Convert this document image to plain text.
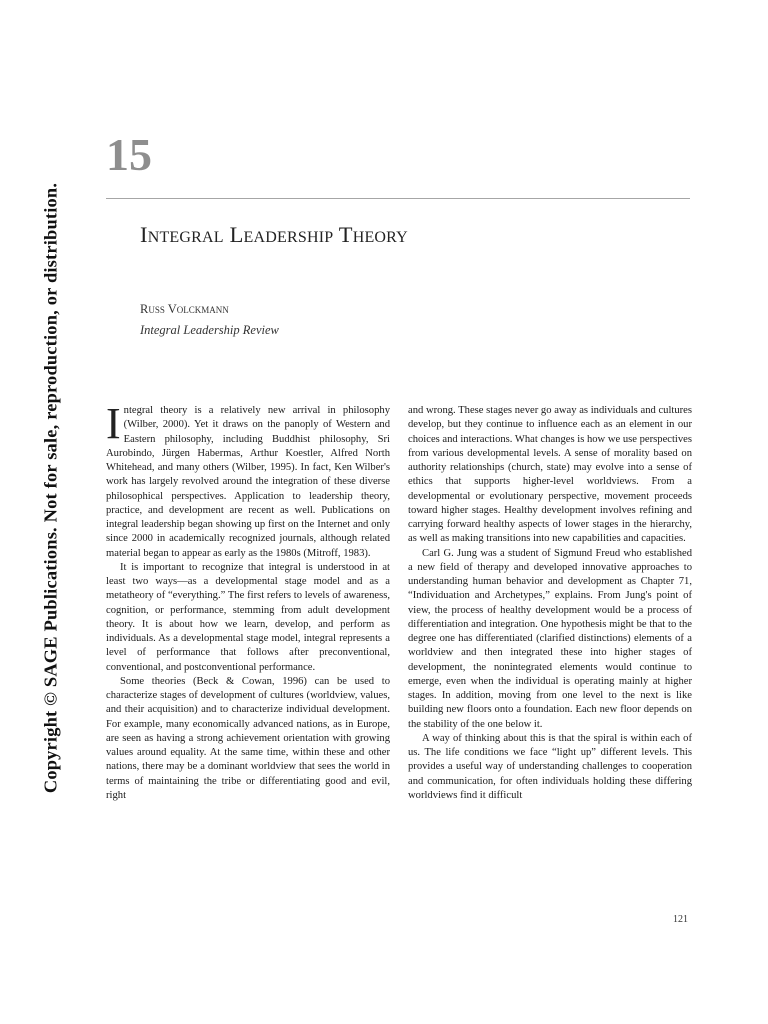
Copyright © SAGE Publications. Not for sale, reproduction, or distribution.
15
Integral Leadership Theory
Russ Volckmann
Integral Leadership Review

Integral theory is a relatively new arrival in philosophy (Wilber, 2000). Yet it draws on the panoply of Western and Eastern philosophy, including Buddhist philosophy, Sri Aurobindo, Jürgen Habermas, Arthur Koestler, Alfred North Whitehead, and many others (Wilber, 1995). In fact, Ken Wilber's work has largely revolved around the integration of these diverse philosophical perspectives. Application to leadership theory, practice, and development are recent as well. Publications on integral leadership began showing up first on the Internet and only since 2000 in academically recognized journals, although related material began to appear as early as the 1980s (Mitroff, 1983).

It is important to recognize that integral is understood in at least two ways—as a developmental stage model and as a metatheory of “everything.” The first refers to levels of awareness, cognition, or performance, stemming from adult development theory. It is about how we learn, develop, and perform as individuals. As a developmental stage model, integral represents a level of performance that follows after preconventional, conventional, and postconventional performance.

Some theories (Beck & Cowan, 1996) can be used to characterize stages of development of cultures (worldview, values, and their acquisition) and to characterize individual development. For example, many economically advanced nations, as in Europe, are seen as having a strong achievement orientation with growing values around equality. At the same time, within these and other nations, there may be a dominant worldview that sees the world in terms of maintaining the tribe or differentiating good and evil, right

and wrong. These stages never go away as individuals and cultures develop, but they continue to influence each as an element in our choices and interactions. What changes is how we use perspectives from various developmental levels. A sense of morality based on authority relationships (church, state) may evolve into a sense of ethics that supports higher-level worldviews. From a developmental or evolutionary perspective, movement proceeds toward higher stages. Healthy development involves refining and carrying forward healthy aspects of lower stages in the hierarchy, as well as making transitions into new capabilities and capacities.

Carl G. Jung was a student of Sigmund Freud who established a new field of therapy and developed innovative approaches to understanding human behavior and development as Chapter 71, “Individuation and Archetypes,” explains. From Jung's point of view, the process of healthy development would be a process of differentiation and integration. One hypothesis might be that to the degree one has differentiated (clarified distinctions) elements of a worldview and then integrated these into higher stages of development, the nonintegrated elements would continue to emerge, even when the individual is operating mainly at higher stages. In addition, moving from one level to the next is like building new floors onto a foundation. Each new floor depends on the stability of the one below it.

A way of thinking about this is that the spiral is within each of us. The life conditions we face “light up” different levels. This provides a useful way of understanding challenges to cooperation and communication, for often individuals holding these differing worldviews find it difficult

121
